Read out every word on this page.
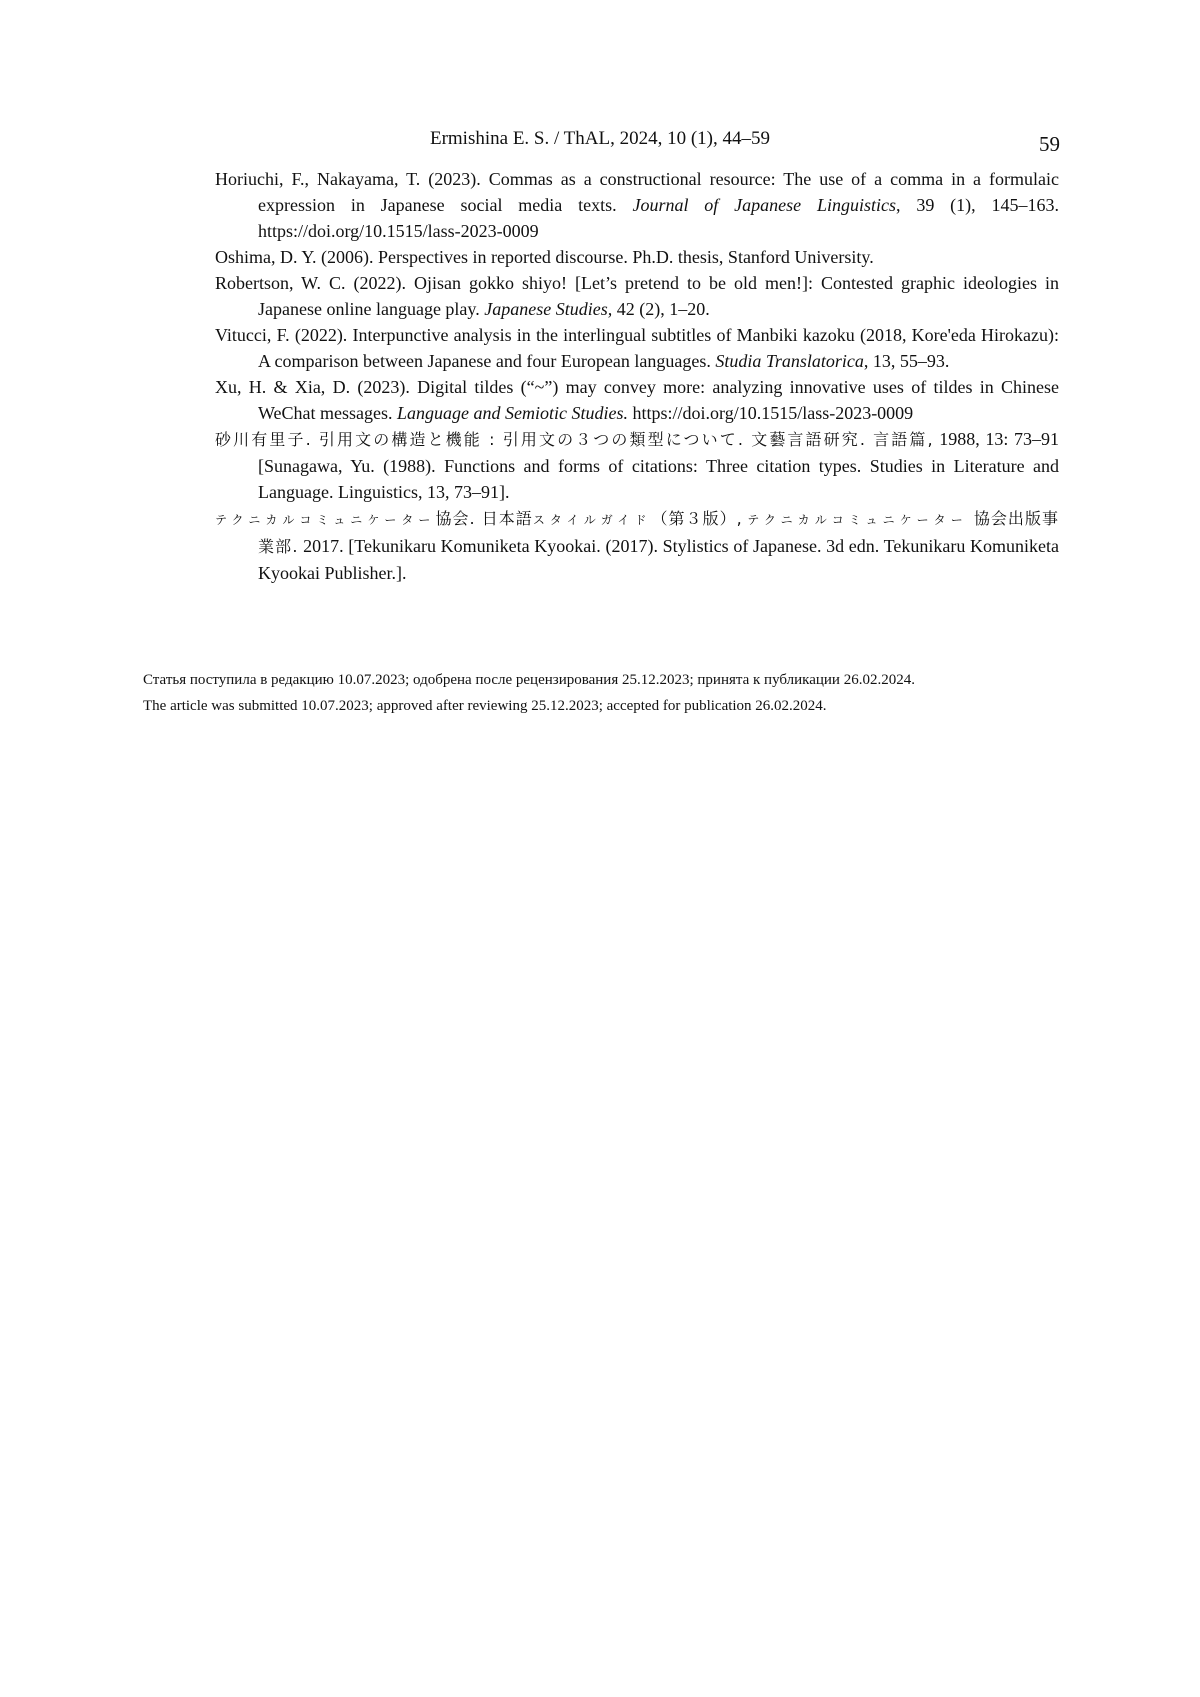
Ermishina E. S. / ThAL, 2024, 10 (1), 44–59	59

Horiuchi, F., Nakayama, T. (2023). Commas as a constructional resource: The use of a comma in a formulaic expression in Japanese social media texts. Journal of Japanese Linguistics, 39 (1), 145–163. https://doi.org/10.1515/lass-2023-0009

Oshima, D. Y. (2006). Perspectives in reported discourse. Ph.D. thesis, Stanford University.

Robertson, W. C. (2022). Ojisan gokko shiyo! [Let’s pretend to be old men!]: Contested graphic ideologies in Japanese online language play. Japanese Studies, 42 (2), 1–20.

Vitucci, F. (2022). Interpunctive analysis in the interlingual subtitles of Manbiki kazoku (2018, Kore'eda Hirokazu): A comparison between Japanese and four European languages. Studia Translatorica, 13, 55–93.

Xu, H. & Xia, D. (2023). Digital tildes (“~”) may convey more: analyzing innovative uses of tildes in Chinese WeChat messages. Language and Semiotic Studies. https://doi.org/10.1515/lass-2023-0009

砂川有里子. 引用文の構造と機能 : 引用文の３つの類型について. 文藝言語研究. 言語篇, 1988, 13: 73–91 [Sunagawa, Yu. (1988). Functions and forms of citations: Three citation types. Studies in Literature and Language. Linguistics, 13, 73–91].

テクニカルコミュニケーター協会. 日本語スタイルガイド（第３版）, テクニカルコミュニケーター 協会出版事業部. 2017. [Tekunikaru Komuniketa Kyookai. (2017). Stylistics of Japanese. 3d edn. Tekunikaru Komuniketa Kyookai Publisher.].

Статья поступила в редакцию 10.07.2023; одобрена после рецензирования 25.12.2023; принята к публикации 26.02.2024.

The article was submitted 10.07.2023; approved after reviewing 25.12.2023; accepted for publication 26.02.2024.
